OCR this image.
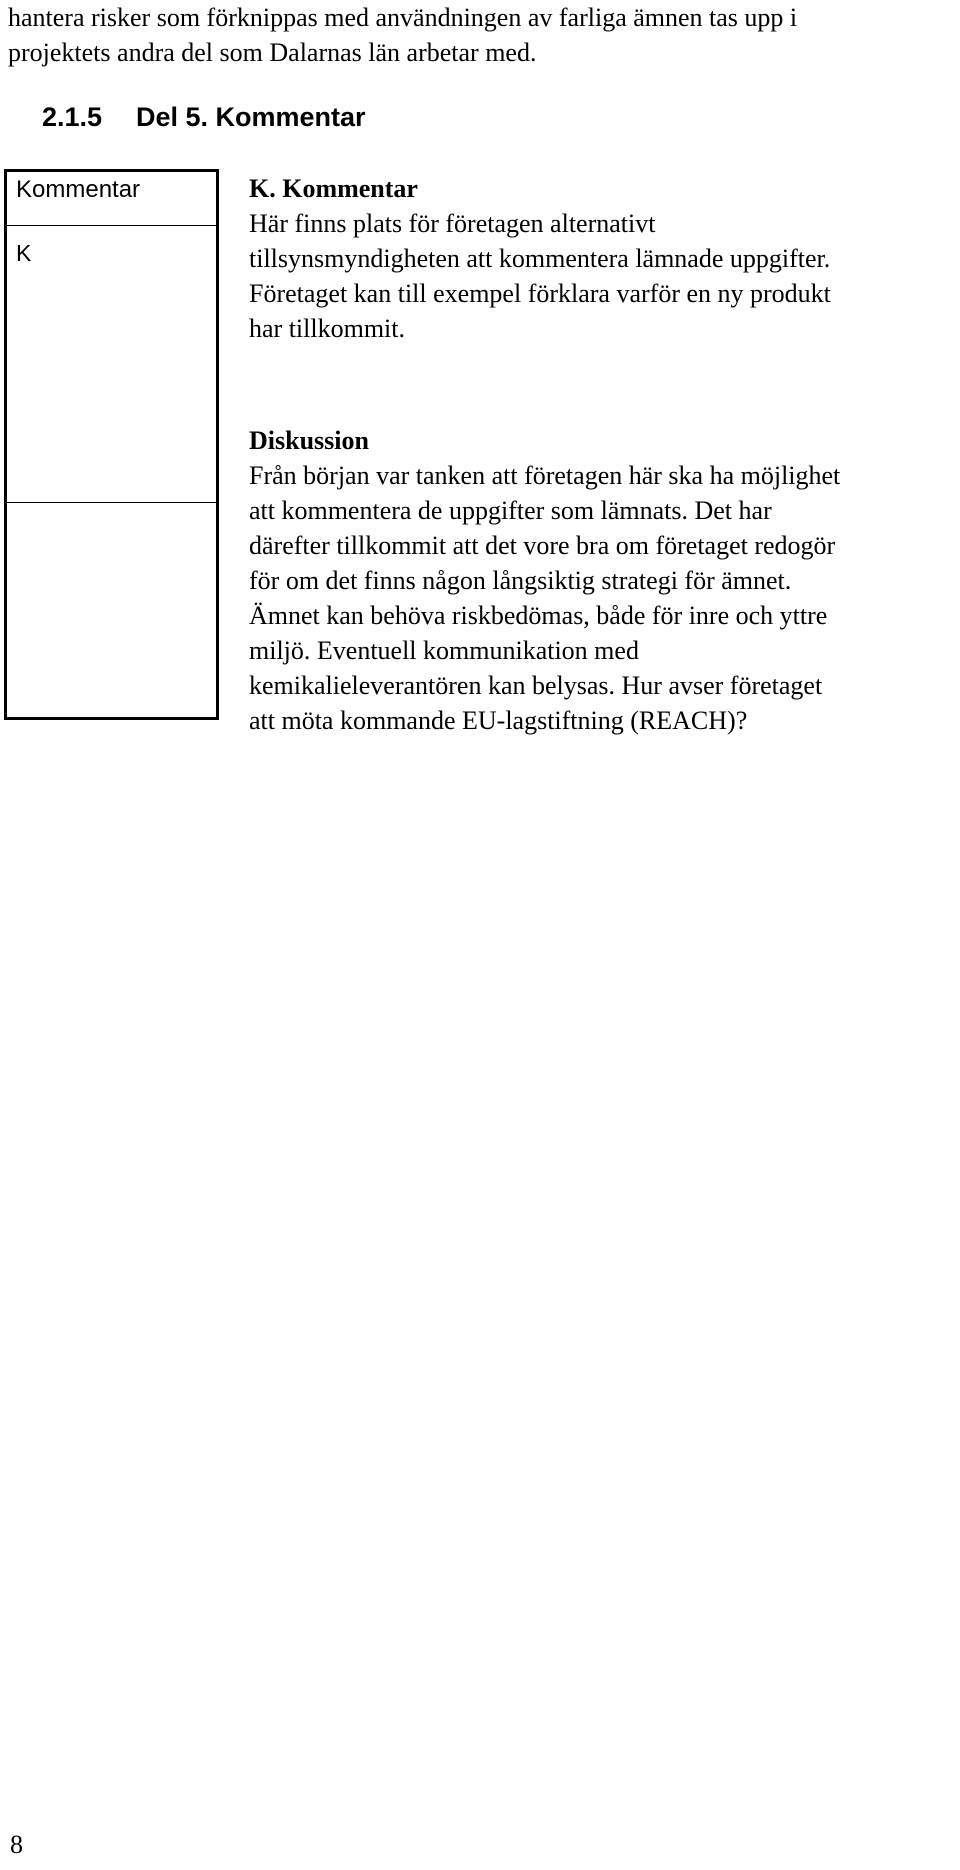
hantera risker som förknippas med användningen av farliga ämnen tas upp i
projektets andra del som Dalarnas län arbetar med.
2.1.5 Del 5. Kommentar
Kommentar
K
K. Kommentar
Här finns plats för företagen alternativt
tillsynsmyndigheten att kommentera lämnade uppgifter.
Företaget kan till exempel förklara varför en ny produkt
har tillkommit.
Diskussion
Från början var tanken att företagen här ska ha möjlighet
att kommentera de uppgifter som lämnats. Det har
därefter tillkommit att det vore bra om företaget redogör
för om det finns någon långsiktig strategi för ämnet.
Ämnet kan behöva riskbedömas, både för inre och yttre
miljö. Eventuell kommunikation med
kemikalieleverantören kan belysas. Hur avser företaget
att möta kommande EU-lagstiftning (REACH)?
8
